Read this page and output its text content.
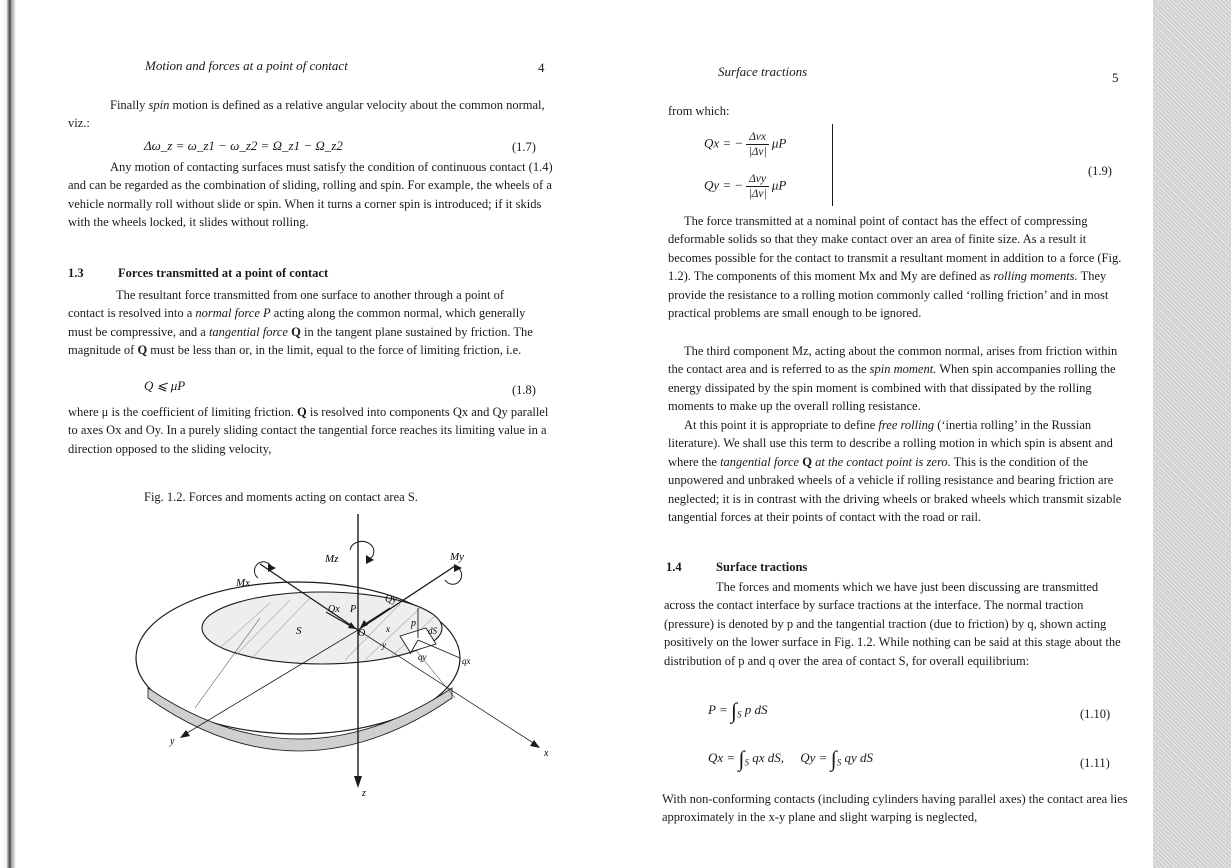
Motion and forces at a point of contact	4

Finally spin motion is defined as a relative angular velocity about the common normal, viz.:

Δω_z = ω_z1 − ω_z2 = Ω_z1 − Ω_z2	(1.7)

Any motion of contacting surfaces must satisfy the condition of continuous contact (1.4) and can be regarded as the combination of sliding, rolling and spin. For example, the wheels of a vehicle normally roll without slide or spin. When it turns a corner spin is introduced; if it skids with the wheels locked, it slides without rolling.

1.3	Forces transmitted at a point of contact

The resultant force transmitted from one surface to another through a point of contact is resolved into a normal force P acting along the common normal, which generally must be compressive, and a tangential force Q in the tangent plane sustained by friction. The magnitude of Q must be less than or, in the limit, equal to the force of limiting friction, i.e.

Q ⩽ μP	(1.8)

where μ is the coefficient of limiting friction. Q is resolved into components Qx and Qy parallel to axes Ox and Oy. In a purely sliding contact the tangential force reaches its limiting value in a direction opposed to the sliding velocity,

Fig. 1.2. Forces and moments acting on contact area S.
Mz	My
Mx
Qx P
Qy
p
S	O x
y
dS
qy	qx
y
x
z
Surface tractions	5
from which:
Qx = − $\frac{\text{Δvx}}{|\Delta v|}$ μP
Qy = − $\frac{\text{Δvy}}{|\Delta v|}$ μP
(1.9)

The force transmitted at a nominal point of contact has the effect of compressing deformable solids so that they make contact over an area of finite size. As a result it becomes possible for the contact to transmit a resultant moment in addition to a force (Fig. 1.2). The components of this moment Mx and My are defined as rolling moments. They provide the resistance to a rolling motion commonly called ‘rolling friction’ and in most practical problems are small enough to be ignored.

The third component Mz, acting about the common normal, arises from friction within the contact area and is referred to as the spin moment. When spin accompanies rolling the energy dissipated by the spin moment is combined with that dissipated by the rolling moments to make up the overall rolling resistance.

At this point it is appropriate to define free rolling (‘inertia rolling’ in the Russian literature). We shall use this term to describe a rolling motion in which spin is absent and where the tangential force Q at the contact point is zero. This is the condition of the unpowered and unbraked wheels of a vehicle if rolling resistance and bearing friction are neglected; it is in contrast with the driving wheels or braked wheels which transmit sizable tangential forces at their points of contact with the road or rail.

1.4	Surface tractions

The forces and moments which we have just been discussing are transmitted across the contact interface by surface tractions at the interface. The normal traction (pressure) is denoted by p and the tangential traction (due to friction) by q, shown acting positively on the lower surface in Fig. 1.2. While nothing can be said at this stage about the distribution of p and q over the area of contact S, for overall equilibrium:

$P = \int_S$ p dS	(1.10)
$Qx = \int_S$ qx dS, $Qy = \int_S$ qy dS	(1.11)

With non-conforming contacts (including cylinders having parallel axes) the contact area lies approximately in the x-y plane and slight warping is neglected,
